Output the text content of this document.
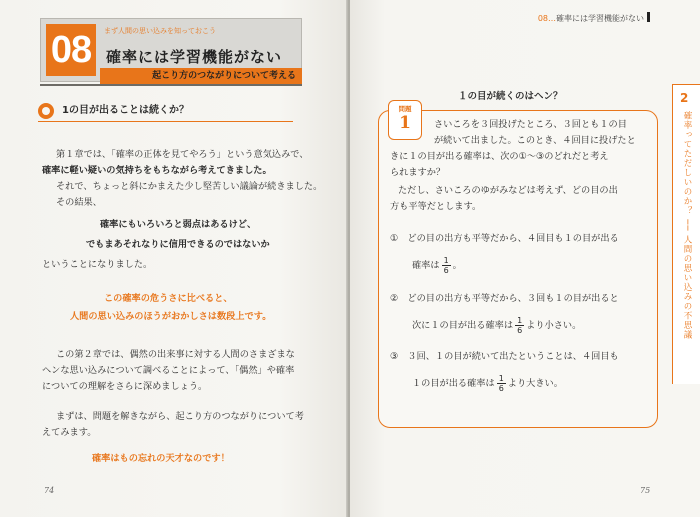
08 まず人間の思い込みを知っておこう
確率には学習機能がない
起こり方のつながりについて考える
1の目が出ることは続くか？
第１章では、「確率の正体を見てやろう」という意気込みで、
確率に軽い疑いの気持ちをもちながら考えてきました。
それで、ちょっと斜にかまえた少し堅苦しい議論が続きました。
その結果、
確率にもいろいろと弱点はあるけど、
でもまあそれなりに信用できるのではないか
ということになりました。
この確率の危うさに比べると、
人間の思い込みのほうがおかしさは数段上です。
この第２章では、偶然の出来事に対する人間のさまざまな
ヘンな思い込みについて調べることによって、「偶然」や確率
についての理解をさらに深めましょう。
まずは、問題を解きながら、起こり方のつながりについて考
えてみます。
確率はもの忘れの天才なのです！
74
08…確率には学習機能がない
2
確率ってただしいのか？ ── 人間の思い込みの不思議
１の目が続くのはヘン？
問題
1	さいころを３回投げたところ、３回とも１の目
が続いて出ました。このとき、４回目に投げたと
きに１の目が出る確率は、次の①～③のどれだと考え
られますか？
ただし、さいころのゆがみなどは考えず、どの目の出
方も平等だとします。
①　どの目の出方も平等だから、４回目も１の目が出る
確率は $\frac{1}{6}$ 。
②　どの目の出方も平等だから、３回も１の目が出ると
次に１の目が出る確率は $\frac{1}{6}$ より小さい。
③　３回、１の目が続いて出たということは、４回目も
１の目が出る確率は $\frac{1}{6}$ より大きい。
75
